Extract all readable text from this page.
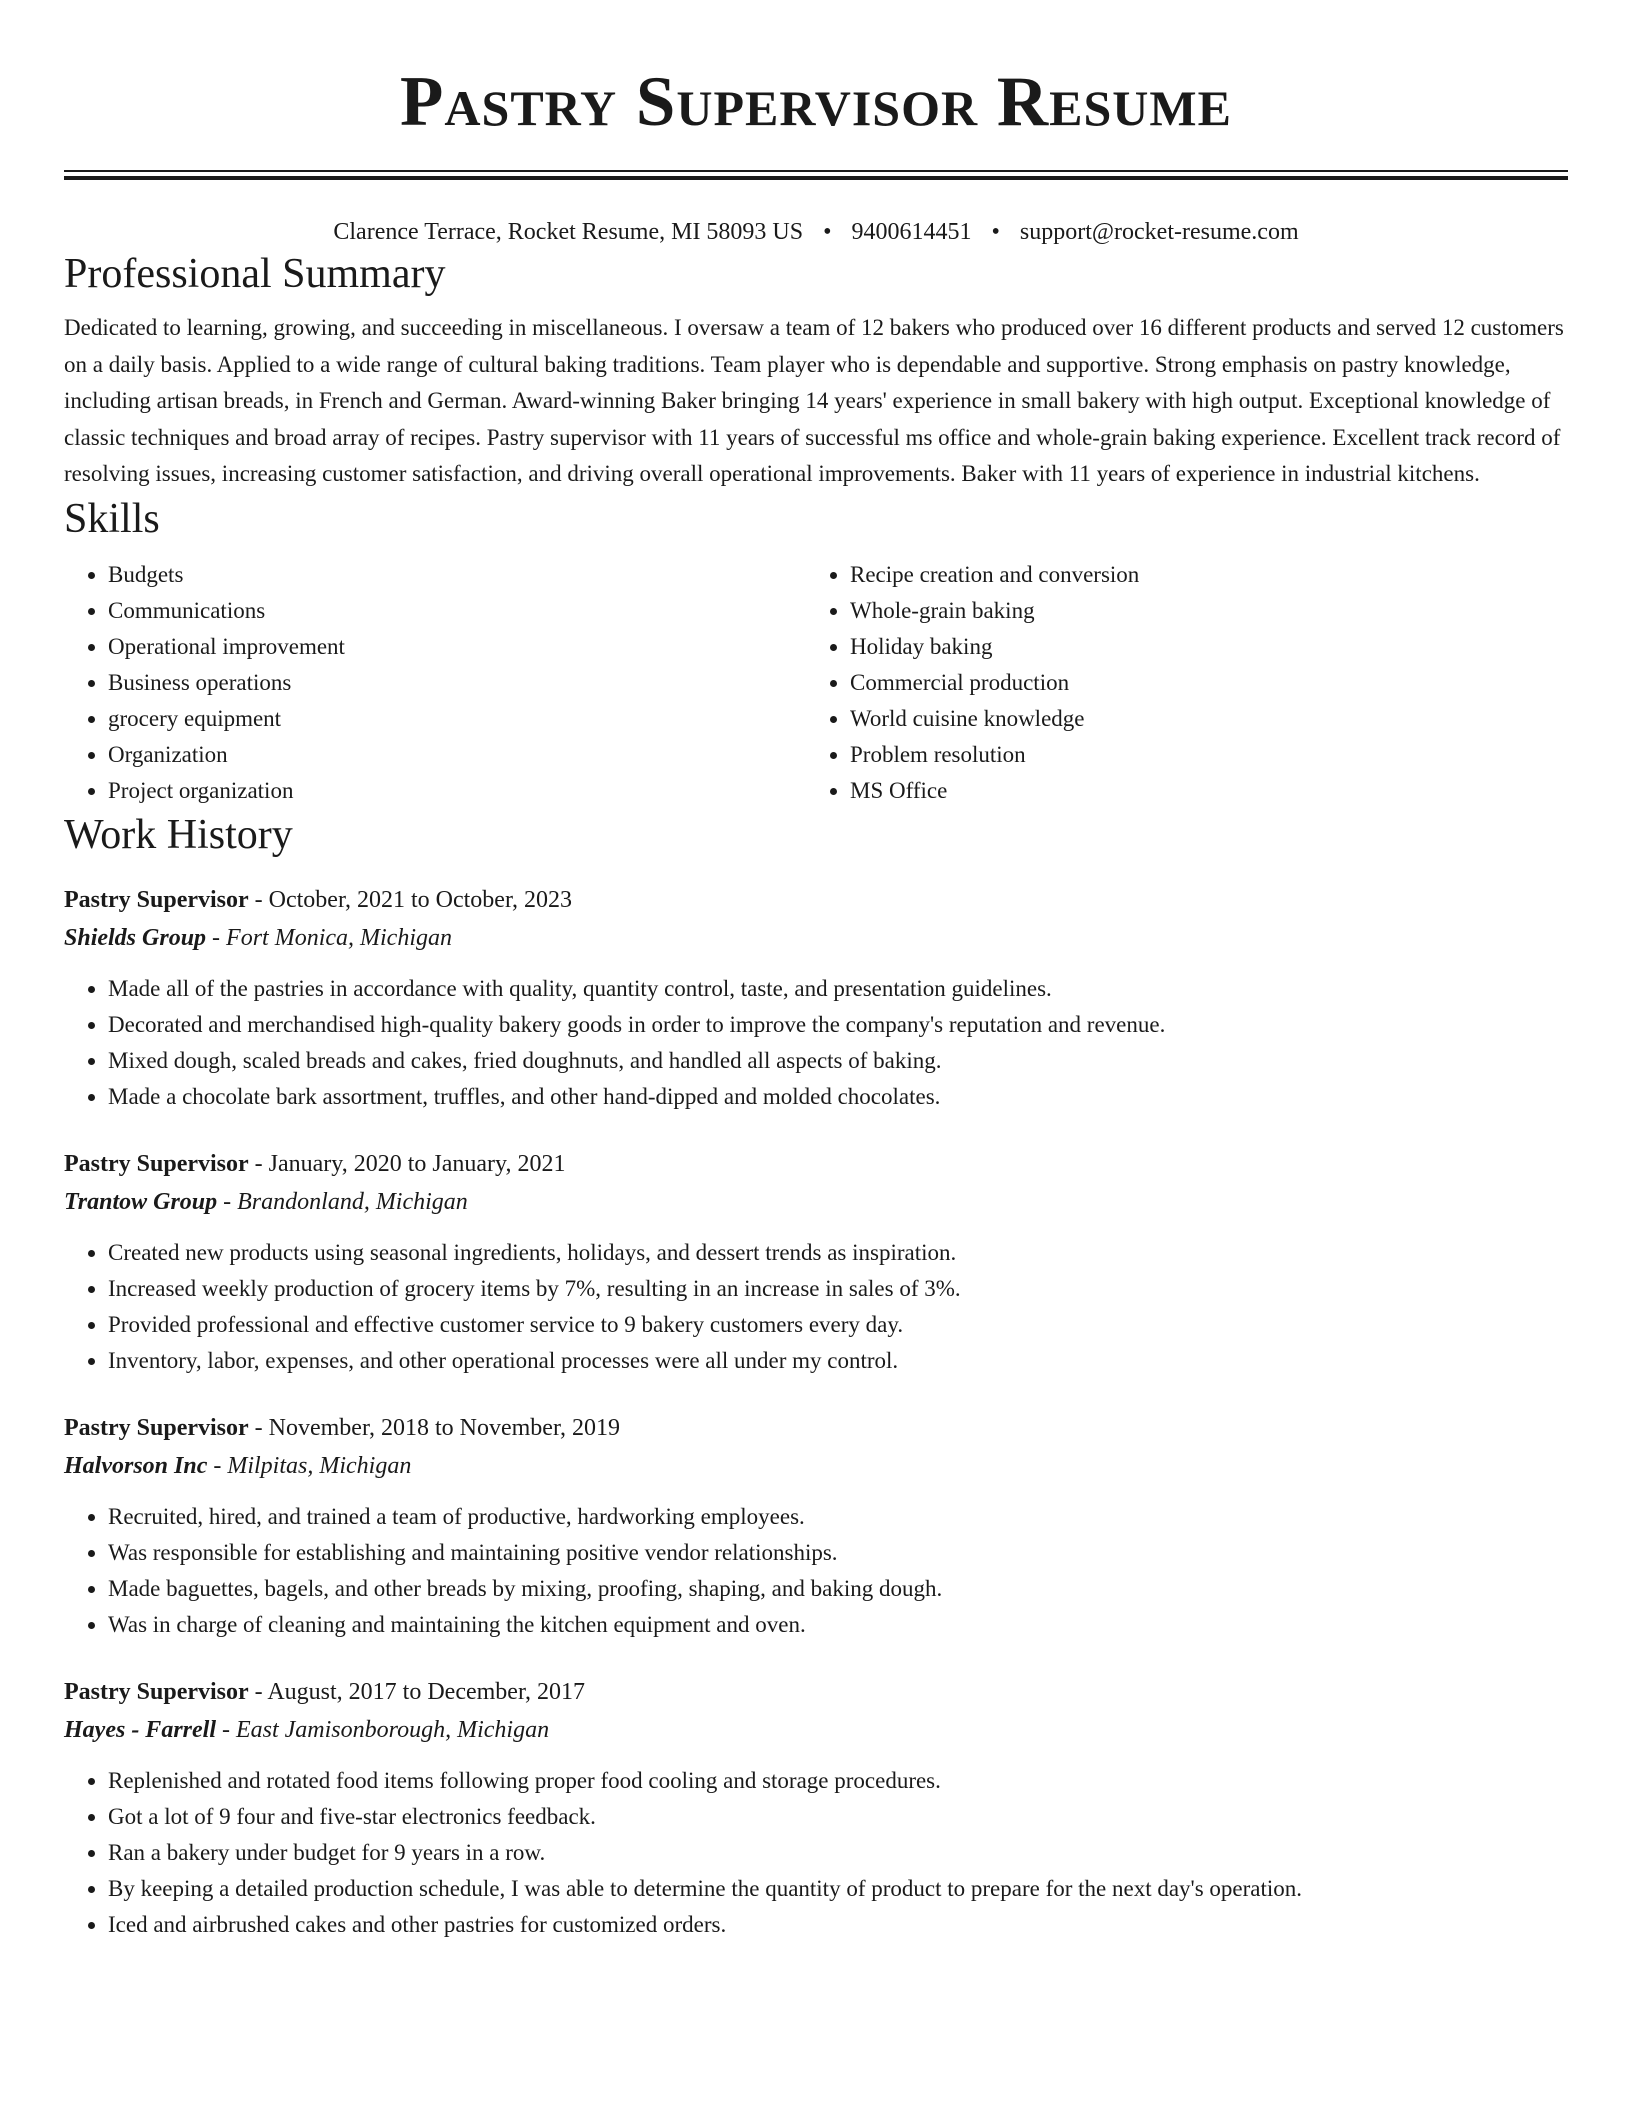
Pastry Supervisor Resume
Clarence Terrace, Rocket Resume, MI 58093 US • 9400614451 • support@rocket-resume.com
Professional Summary

Dedicated to learning, growing, and succeeding in miscellaneous. I oversaw a team of 12 bakers who produced over 16 different products and served 12 customers on a daily basis. Applied to a wide range of cultural baking traditions. Team player who is dependable and supportive. Strong emphasis on pastry knowledge, including artisan breads, in French and German. Award-winning Baker bringing 14 years' experience in small bakery with high output. Exceptional knowledge of classic techniques and broad array of recipes. Pastry supervisor with 11 years of successful ms office and whole-grain baking experience. Excellent track record of resolving issues, increasing customer satisfaction, and driving overall operational improvements. Baker with 11 years of experience in industrial kitchens.

Skills
• Budgets
• Communications
• Operational improvement
• Business operations
• grocery equipment
• Organization
• Project organization
• Recipe creation and conversion
• Whole-grain baking
• Holiday baking
• Commercial production
• World cuisine knowledge
• Problem resolution
• MS Office
Work History

Pastry Supervisor - October, 2021 to October, 2023

Shields Group - Fort Monica, Michigan

• Made all of the pastries in accordance with quality, quantity control, taste, and presentation guidelines.
• Decorated and merchandised high-quality bakery goods in order to improve the company's reputation and revenue.
• Mixed dough, scaled breads and cakes, fried doughnuts, and handled all aspects of baking.
• Made a chocolate bark assortment, truffles, and other hand-dipped and molded chocolates.

Pastry Supervisor - January, 2020 to January, 2021

Trantow Group - Brandonland, Michigan

• Created new products using seasonal ingredients, holidays, and dessert trends as inspiration.
• Increased weekly production of grocery items by 7%, resulting in an increase in sales of 3%.
• Provided professional and effective customer service to 9 bakery customers every day.
• Inventory, labor, expenses, and other operational processes were all under my control.

Pastry Supervisor - November, 2018 to November, 2019

Halvorson Inc - Milpitas, Michigan

• Recruited, hired, and trained a team of productive, hardworking employees.
• Was responsible for establishing and maintaining positive vendor relationships.
• Made baguettes, bagels, and other breads by mixing, proofing, shaping, and baking dough.
• Was in charge of cleaning and maintaining the kitchen equipment and oven.

Pastry Supervisor - August, 2017 to December, 2017

Hayes - Farrell - East Jamisonborough, Michigan

• Replenished and rotated food items following proper food cooling and storage procedures.
• Got a lot of 9 four and five-star electronics feedback.
• Ran a bakery under budget for 9 years in a row.
• By keeping a detailed production schedule, I was able to determine the quantity of product to prepare for the next day's operation.
• Iced and airbrushed cakes and other pastries for customized orders.
